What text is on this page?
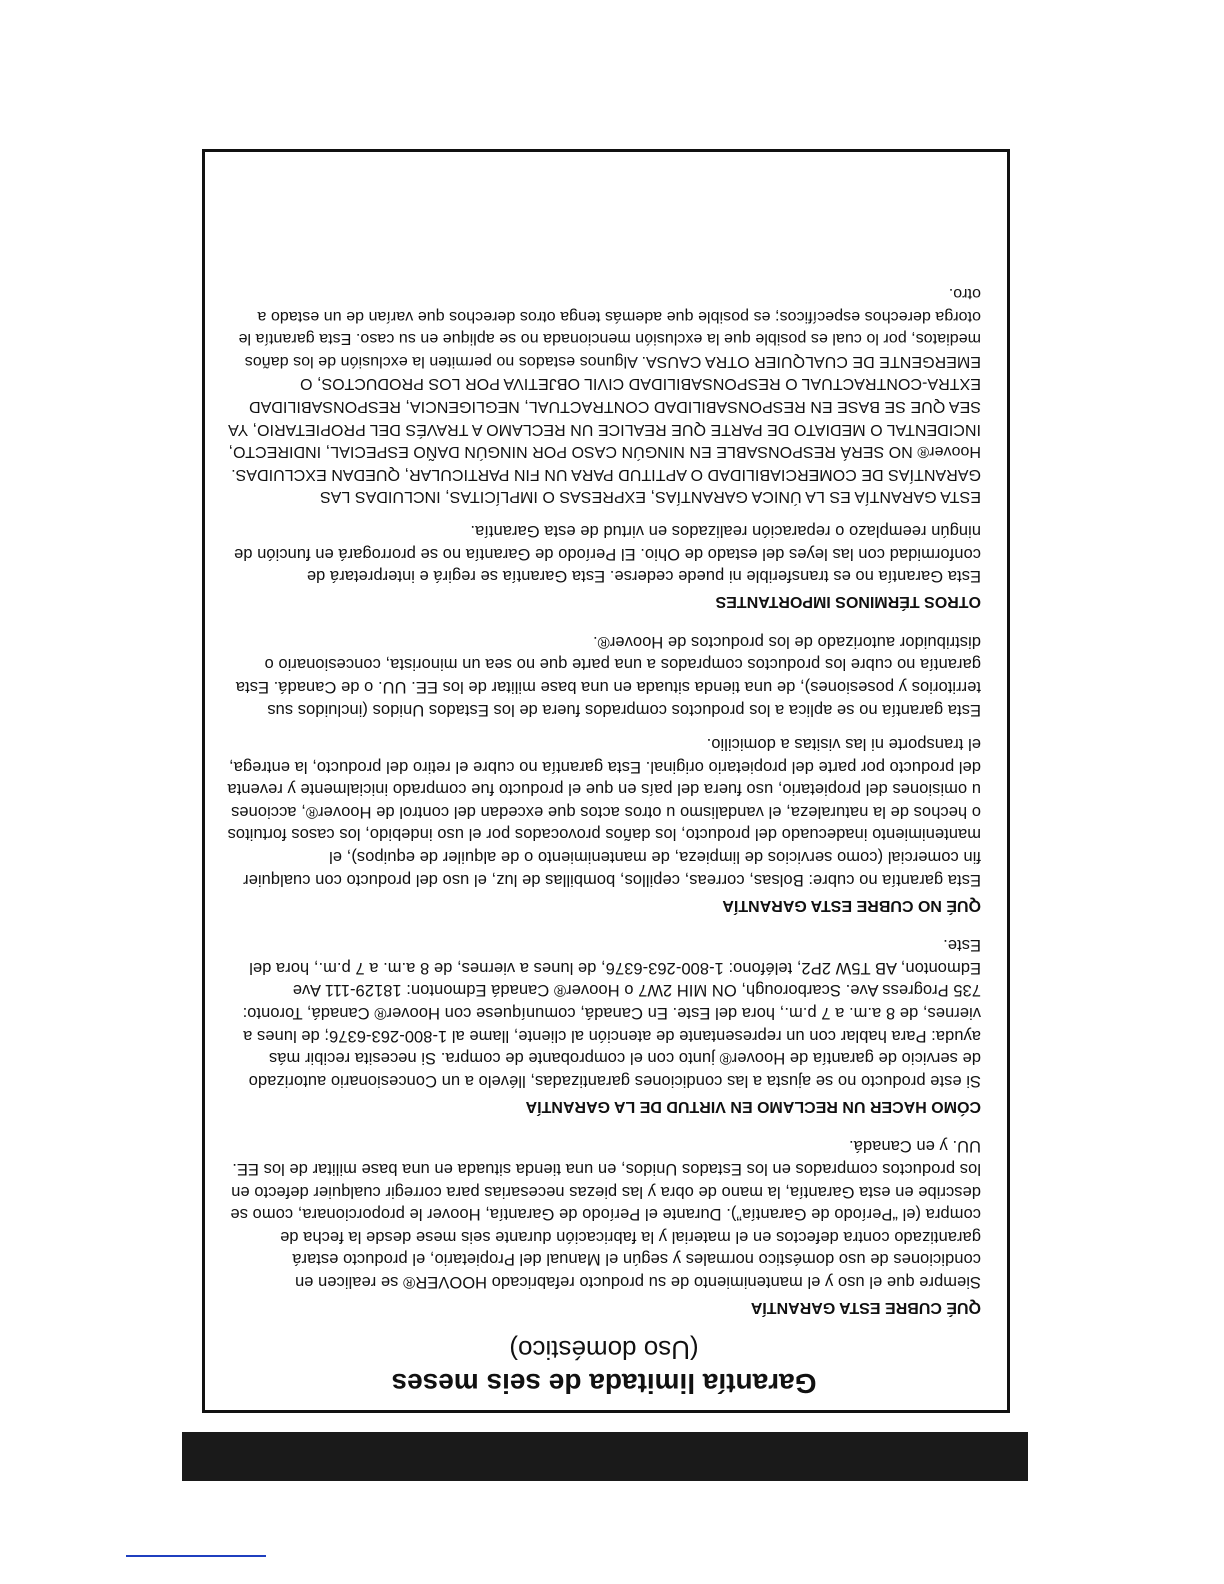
Garantía limitada de seis meses
(Uso doméstico)
QUÉ CUBRE ESTA GARANTÍA

Siempre que el uso y el mantenimiento de su producto refabricado HOOVER® se realicen en condiciones de uso doméstico normales y según el Manual del Propietario, el producto estará garantizado contra defectos en el material y la fabricación durante seis mese desde la fecha de compra (el “Período de Garantía”). Durante el Período de Garantía, Hoover le proporcionara, como se describe en esta Garantía, la mano de obra y las piezas necesarias para corregir cualquier defecto en los productos comprados en los Estados Unidos, en una tienda situada en una base militar de los EE. UU. y en Canadá.

CÓMO HACER UN RECLAMO EN VIRTUD DE LA GARANTÍA

Si este producto no se ajusta a las condiciones garantizadas, llévelo a un Concesionario autorizado de servicio de garantía de Hoover® junto con el comprobante de compra. Si necesita recibir más ayuda: Para hablar con un representante de atención al cliente, llame al 1-800-263-6376; de lunes a viernes, de 8 a.m. a 7 p.m., hora del Este. En Canadá, comuníquese con Hoover® Canadá, Toronto: 735 Progress Ave. Scarborough, ON MIH 2W7 o Hoover® Canadá Edmonton: 18129-111 Ave Edmonton, AB T5W 2P2, teléfono: 1-800-263-6376, de lunes a viernes, de 8 a.m. a 7 p.m., hora del Este.

QUÉ NO CUBRE ESTA GARANTÍA

Esta garantía no cubre: Bolsas, correas, cepillos, bombillas de luz, el uso del producto con cualquier fin comercial (como servicios de limpieza, de mantenimiento o de alquiler de equipos), el mantenimiento inadecuado del producto, los daños provocados por el uso indebido, los casos fortuitos o hechos de la naturaleza, el vandalismo u otros actos que excedan del control de Hoover®, acciones u omisiones del propietario, uso fuera del país en que el producto fue comprado inicialmente y reventa del producto por parte del propietario original. Esta garantía no cubre el retiro del producto, la entrega, el transporte ni las visitas a domicilio.

Esta garantía no se aplica a los productos comprados fuera de los Estados Unidos (incluidos sus territorios y posesiones), de una tienda situada en una base militar de los EE. UU. o de Canadá. Esta garantía no cubre los productos comprados a una parte que no sea un minorista, concesionario o distribuidor autorizado de los productos de Hoover®.

OTROS TÉRMINOS IMPORTANTES

Esta Garantía no es transferible ni puede cederse. Esta Garantía se regirá e interpretará de conformidad con las leyes del estado de Ohio. El Período de Garantía no se prorrogará en función de ningún reemplazo o reparación realizados en virtud de esta Garantía.

ESTA GARANTÍA ES LA ÚNICA GARANTÍAS, EXPRESAS O IMPLÍCITAS, INCLUIDAS LAS GARANTÍAS DE COMERCIABILIDAD O APTITUD PARA UN FIN PARTICULAR, QUEDAN EXCLUIDAS. Hoover® NO SERÁ RESPONSABLE EN NINGÚN CASO POR NINGÚN DAÑO ESPECIAL, INDIRECTO, INCIDENTAL O MEDIATO DE PARTE QUE REALICE UN RECLAMO A TRAVÉS DEL PROPIETARIO, YA SEA QUE SE BASE EN RESPONSABILIDAD CONTRACTUAL, NEGLIGENCIA, RESPONSABILIDAD EXTRA-CONTRACTUAL O RESPONSABILIDAD CIVIL OBJETIVA POR LOS PRODUCTOS, O EMERGENTE DE CUALQUIER OTRA CAUSA. Algunos estados no permiten la exclusión de los daños mediatos, por lo cual es posible que la exclusión mencionada no se aplique en su caso. Esta garantía le otorga derechos específicos; es posible que además tenga otros derechos que varían de un estado a otro.
